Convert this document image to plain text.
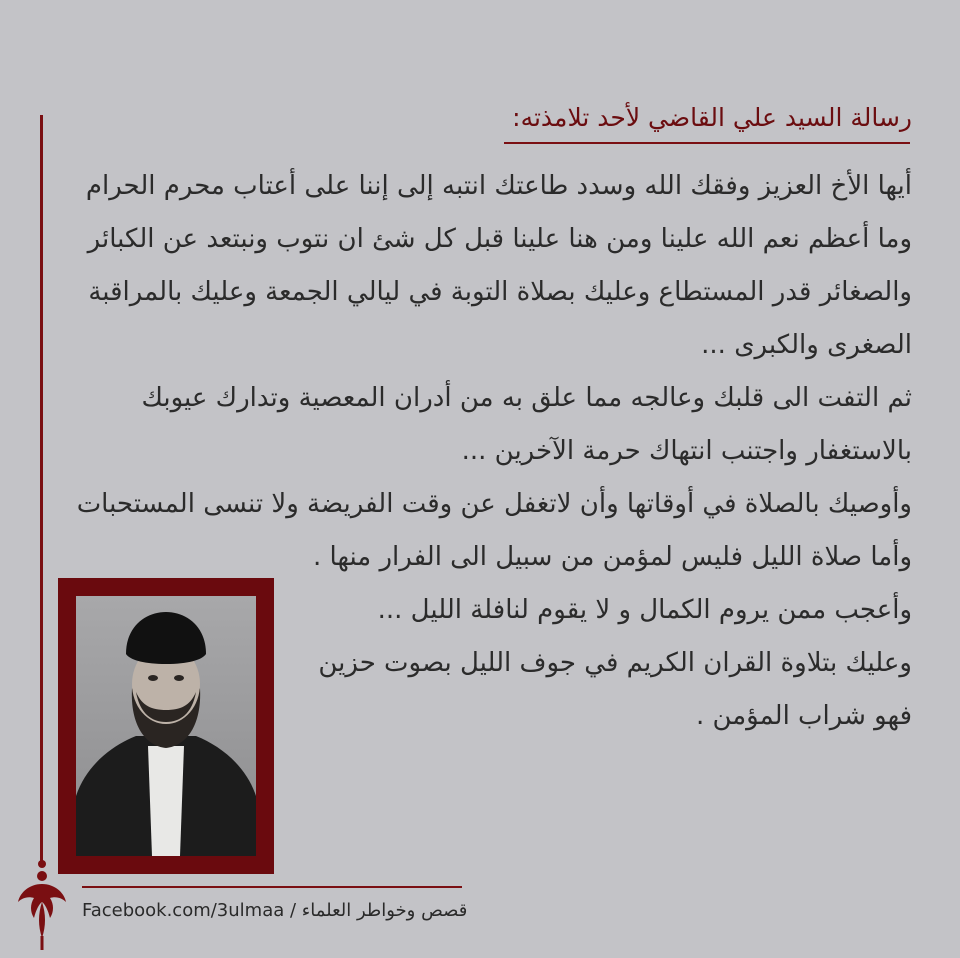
رسالة السيد علي القاضي لأحد تلامذته:
أيها الأخ العزيز وفقك الله وسدد طاعتك انتبه إلى إننا على أعتاب محرم الحرام
وما أعظم نعم الله علينا ومن هنا علينا قبل كل شئ ان نتوب ونبتعد عن الكبائر
والصغائر قدر المستطاع وعليك بصلاة التوبة في ليالي الجمعة وعليك بالمراقبة
الصغرى والكبرى ...
ثم التفت الى قلبك وعالجه مما علق به من أدران المعصية وتدارك عيوبك
بالاستغفار واجتنب انتهاك حرمة الآخرين ...
وأوصيك بالصلاة في أوقاتها وأن لاتغفل عن وقت الفريضة ولا تنسى المستحبات
وأما صلاة الليل فليس لمؤمن من سبيل الى الفرار منها .
وأعجب ممن يروم الكمال و لا يقوم لنافلة الليل ...
وعليك بتلاوة القران الكريم في جوف الليل بصوت حزين
فهو شراب المؤمن .
Facebook.com/3ulmaa / قصص وخواطر العلماء
